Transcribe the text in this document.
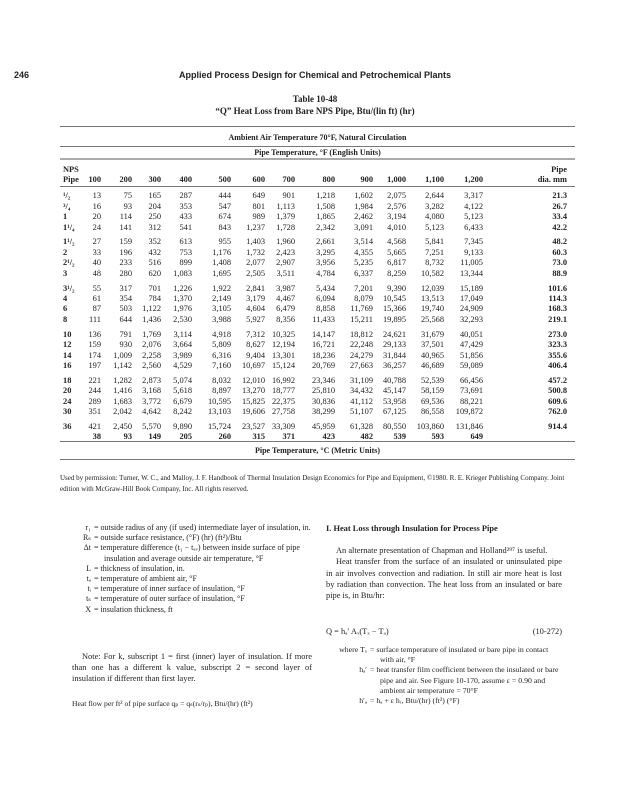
246	Applied Process Design for Chemical and Petrochemical Plants
Table 10-48
“Q” Heat Loss from Bare NPS Pipe, Btu/(lin ft) (hr)
Ambient Air Temperature 70°F, Natural Circulation
Pipe Temperature, °F (English Units)
NPS													Pipe
Pipe	100	200	300	400	500	600	700	800	900	1,000	1,100	1,200	dia. mm
¹/₂	13	75	165	287	444	649	901	1,218	1,602	2,075	2,644	3,317	21.3
³/₄	16	93	204	353	547	801	1,113	1,508	1,984	2,576	3,282	4,122	26.7
1	20	114	250	433	674	989	1,379	1,865	2,462	3,194	4,080	5,123	33.4
1¹/₄	24	141	312	541	843	1,237	1,728	2,342	3,091	4,010	5,123	6,433	42.2
1¹/₂	27	159	352	613	955	1,403	1,960	2,661	3,514	4,568	5,841	7,345	48.2
2	33	196	432	753	1,176	1,732	2,423	3,295	4,355	5,665	7,251	9,133	60.3
2¹/₂	40	233	516	899	1,408	2,077	2,907	3,956	5,235	6,817	8,732	11,005	73.0
3	48	280	620	1,083	1,695	2,505	3,511	4,784	6,337	8,259	10,582	13,344	88.9
3¹/₂	55	317	701	1,226	1,922	2,841	3,987	5,434	7,201	9,390	12,039	15,189	101.6
4	61	354	784	1,370	2,149	3,179	4,467	6,094	8,079	10,545	13,513	17,049	114.3
6	87	503	1,122	1,976	3,105	4,604	6,479	8,858	11,769	15,366	19,740	24,909	168.3
8	111	644	1,436	2,530	3,988	5,927	8,356	11,433	15,211	19,895	25,568	32,293	219.1
10	136	791	1,769	3,114	4,918	7,312	10,325	14,147	18,812	24,621	31,679	40,051	273.0
12	159	930	2,076	3,664	5,809	8,627	12,194	16,721	22,248	29,133	37,501	47,429	323.3
14	174	1,009	2,258	3,989	6,316	9,404	13,301	18,236	24,279	31,844	40,965	51,856	355.6
16	197	1,142	2,560	4,529	7,160	10,697	15,124	20,769	27,663	36,257	46,689	59,089	406.4
18	221	1,282	2,873	5,074	8,032	12,010	16,992	23,346	31,109	40,788	52,539	66,456	457.2
20	244	1,416	3,168	5,618	8,897	13,270	18,777	25,810	34,432	45,147	58,159	73,691	500.8
24	289	1,683	3,772	6,679	10,595	15,825	22,375	30,836	41,112	53,958	69,536	88,221	609.6
30	351	2,042	4,642	8,242	13,103	19,606	27,758	38,299	51,107	67,125	86,558	109,872	762.0
36	421	2,450	5,570	9,890	15,724	23,527	33,309	45,959	61,328	80,550	103,860	131,846	914.4
	38	93	149	205	260	315	371	423	482	539	593	649	
Pipe Temperature, °C (Metric Units)
Used by permission: Turner, W. C., and Malloy, J. F. Handbook of Thermal Insulation Design Economics for Pipe and Equipment, ©1980. R. E. Krieger Publishing Company. Joint edition with McGraw-Hill Book Company, Inc. All rights reserved.
r₁ = outside radius of any (if used) intermediate layer of insulation, in.
Rₛ = outside surface resistance, (°F) (hr) (ft²)/Btu
Δt = temperature difference (t₁ − tₐᵥ) between inside surface of pipe insulation and average outside air temperature, °F
L = thickness of insulation, in.
tₐ = temperature of ambient air, °F
tᵢ = temperature of inner surface of insulation, °F
tₛ = temperature of outer surface of insulation, °F
X = insulation thickness, ft
Note: For k, subscript 1 = first (inner) layer of insulation. If more than one has a different k value, subscript 2 = second layer of insulation if different than first layer.
Heat flow per ft² of pipe surface qₚ = qₛ(rₛ/rₚ), Btu/(hr) (ft²)
I. Heat Loss through Insulation for Process Pipe

An alternate presentation of Chapman and Holland²⁹⁷ is useful.

Heat transfer from the surface of an insulated or uninsulated pipe in air involves convection and radiation. In still air more heat is lost by radiation than convection. The heat loss from an insulated or bare pipe is, in Btu/hr:

Q = hₐ′ Aₓ(Tₓ − Tₐ)	(10-272)
where Tₓ = surface temperature of insulated or bare pipe in contact with air, °F
hₐ′ = heat transfer film coefficient between the insulated or bare pipe and air. See Figure 10-170, assume ε = 0.90 and ambient air temperature = 70°F
h′ₐ = hₐ + ε hᵣ, Btu/(hr) (ft²) (°F)
